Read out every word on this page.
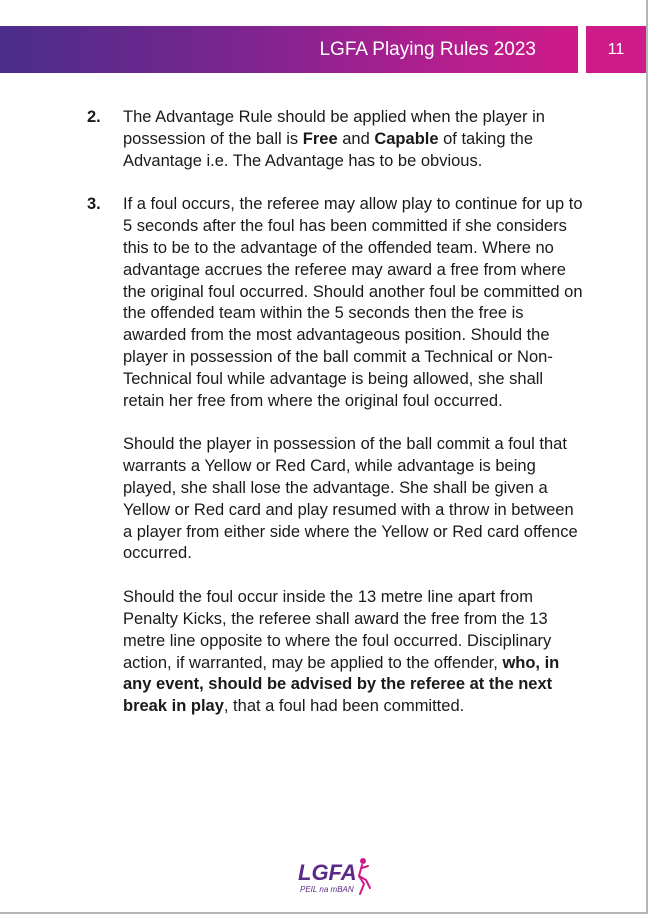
LGFA Playing Rules 2023	11
2.	The Advantage Rule should be applied when the player in possession of the ball is Free and Capable of taking the Advantage i.e. The Advantage has to be obvious.

3.	If a foul occurs, the referee may allow play to continue for up to 5 seconds after the foul has been committed if she considers this to be to the advantage of the offended team. Where no advantage accrues the referee may award a free from where the original foul occurred. Should another foul be committed on the offended team within the 5 seconds then the free is awarded from the most advantageous position. Should the player in possession of the ball commit a Technical or Non-Technical foul while advantage is being allowed, she shall retain her free from where the original foul occurred.

Should the player in possession of the ball commit a foul that warrants a Yellow or Red Card, while advantage is being played, she shall lose the advantage. She shall be given a Yellow or Red card and play resumed with a throw in between a player from either side where the Yellow or Red card offence occurred.

Should the foul occur inside the 13 metre line apart from Penalty Kicks, the referee shall award the free from the 13 metre line opposite to where the foul occurred. Disciplinary action, if warranted, may be applied to the offender, who, in any event, should be advised by the referee at the next break in play, that a foul had been committed.

LGFA
PEIL na mBAN
